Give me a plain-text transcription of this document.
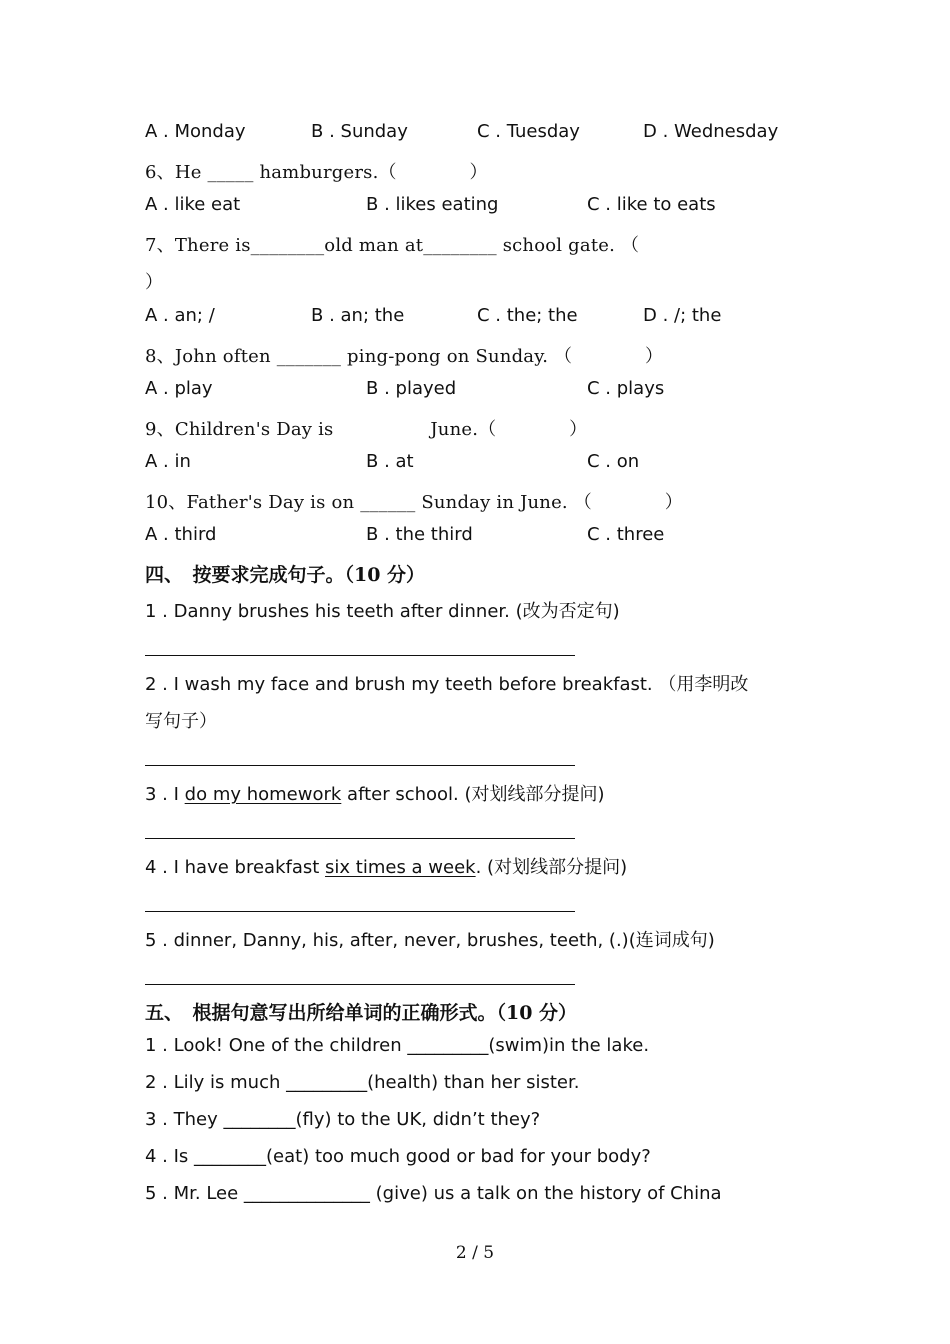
A . Monday	B . Sunday	C . Tuesday	D . Wednesday
6、He _____ hamburgers.（　　　　）
A . like eat	B . likes eating	C . like to eats
7、There is________old man at________ school gate. （
）
A . an; /	B . an; the	C . the; the	D . /; the
8、John often _______ ping-pong on Sunday. （　　　　）
A . play	B . played	C . plays
9、Children's Day is　　　　　 June.（　　　　）
A . in	B . at	C . on
10、Father's Day is on ______ Sunday in June. （　　　　）
A . third	B . the third	C . three
四、　按要求完成句子。（10 分）
1 . Danny brushes his teeth after dinner. (改为否定句)
2 . I wash my face and brush my teeth before breakfast. （用李明改
写句子）
3 . I do my homework after school. (对划线部分提问)
4 . I have breakfast six times a week. (对划线部分提问)
5 . dinner, Danny, his, after, never, brushes, teeth, (.)(连词成句)
五、　根据句意写出所给单词的正确形式。（10 分）
1 . Look! One of the children _________(swim)in the lake.
2 . Lily is much _________(health) than her sister.
3 . They ________(fly) to the UK, didn’t they?
4 . Is ________(eat) too much good or bad for your body?
5 . Mr. Lee ______________ (give) us a talk on the history of China
2 / 5
